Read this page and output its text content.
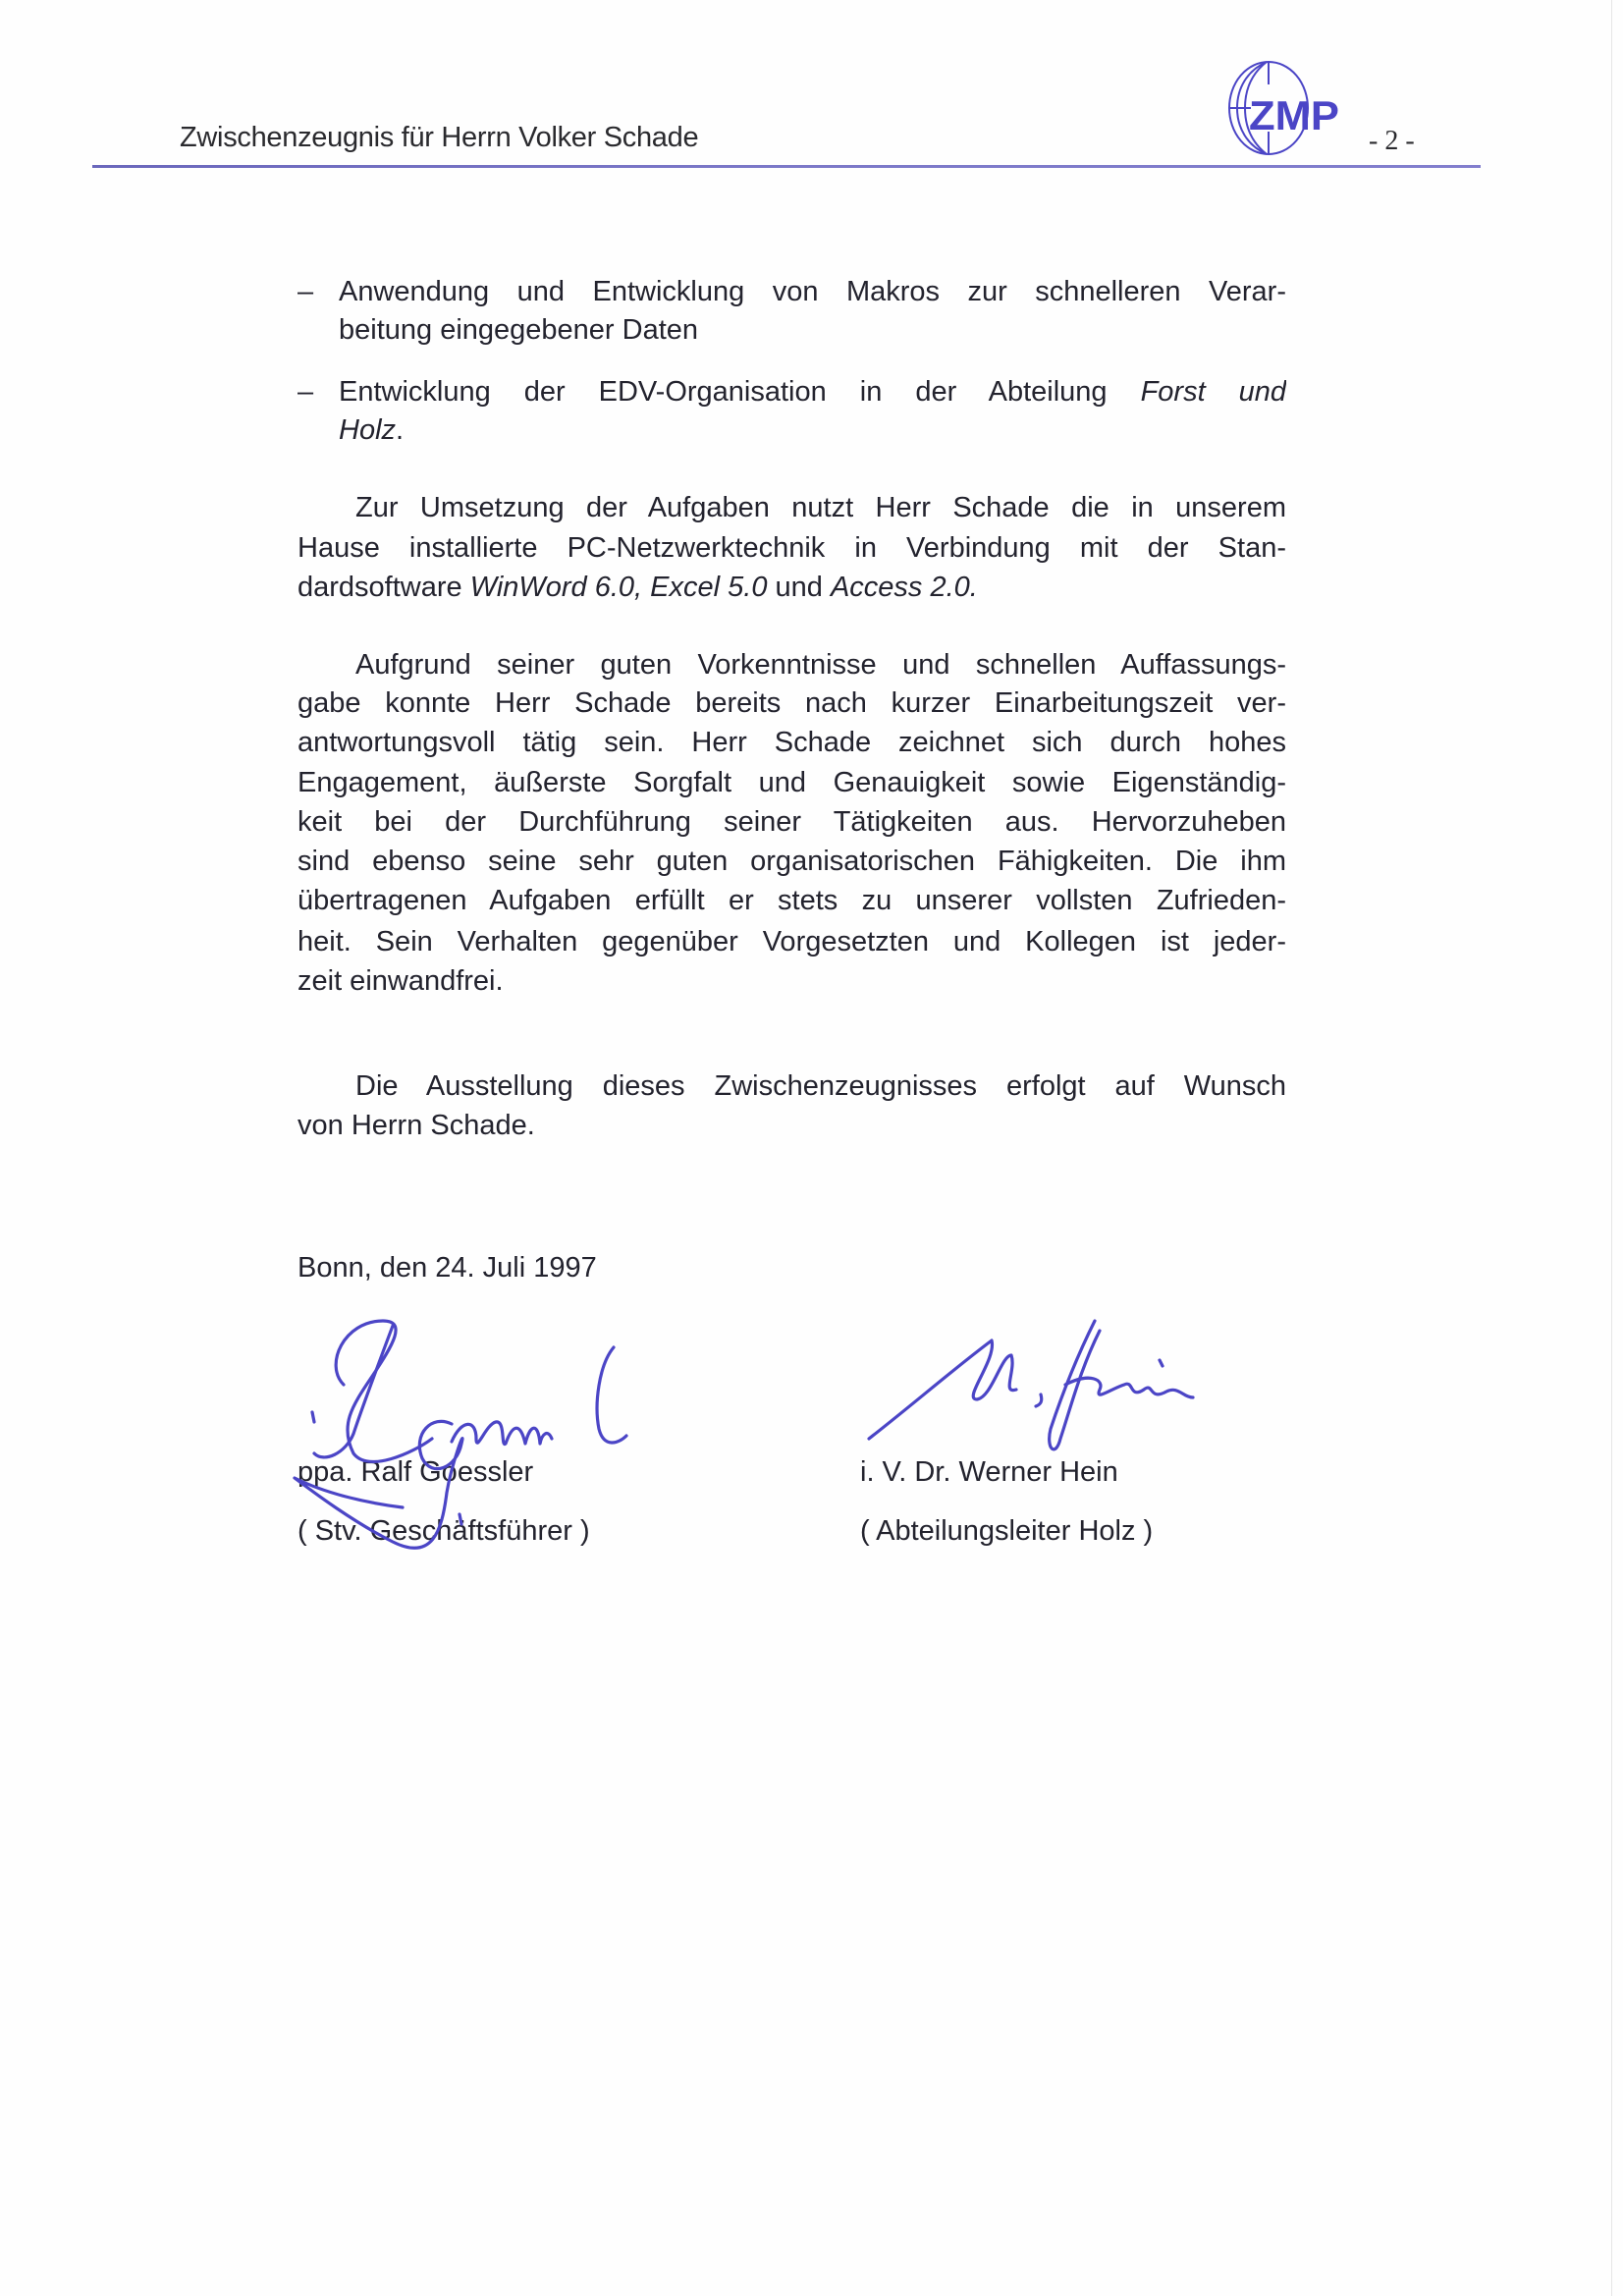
Zwischenzeugnis für Herrn Volker Schade	ZMP
- 2 -
– Anwendung und Entwicklung von Makros zur schnelleren Verar-
beitung eingegebener Daten
– Entwicklung der EDV-Organisation in der Abteilung Forst und
Holz.
Zur Umsetzung der Aufgaben nutzt Herr Schade die in unserem
Hause installierte PC-Netzwerktechnik in Verbindung mit der Stan-
dardsoftware WinWord 6.0, Excel 5.0 und Access 2.0.
Aufgrund seiner guten Vorkenntnisse und schnellen Auffassungs-
gabe konnte Herr Schade bereits nach kurzer Einarbeitungszeit ver-
antwortungsvoll tätig sein. Herr Schade zeichnet sich durch hohes
Engagement, äußerste Sorgfalt und Genauigkeit sowie Eigenständig-
keit bei der Durchführung seiner Tätigkeiten aus. Hervorzuheben
sind ebenso seine sehr guten organisatorischen Fähigkeiten. Die ihm
übertragenen Aufgaben erfüllt er stets zu unserer vollsten Zufrieden-
heit. Sein Verhalten gegenüber Vorgesetzten und Kollegen ist jeder-
zeit einwandfrei.
Die Ausstellung dieses Zwischenzeugnisses erfolgt auf Wunsch
von Herrn Schade.
Bonn, den 24. Juli 1997
ppa. Ralf Goessler
( Stv. Geschäftsführer )
i. V. Dr. Werner Hein
( Abteilungsleiter Holz )
